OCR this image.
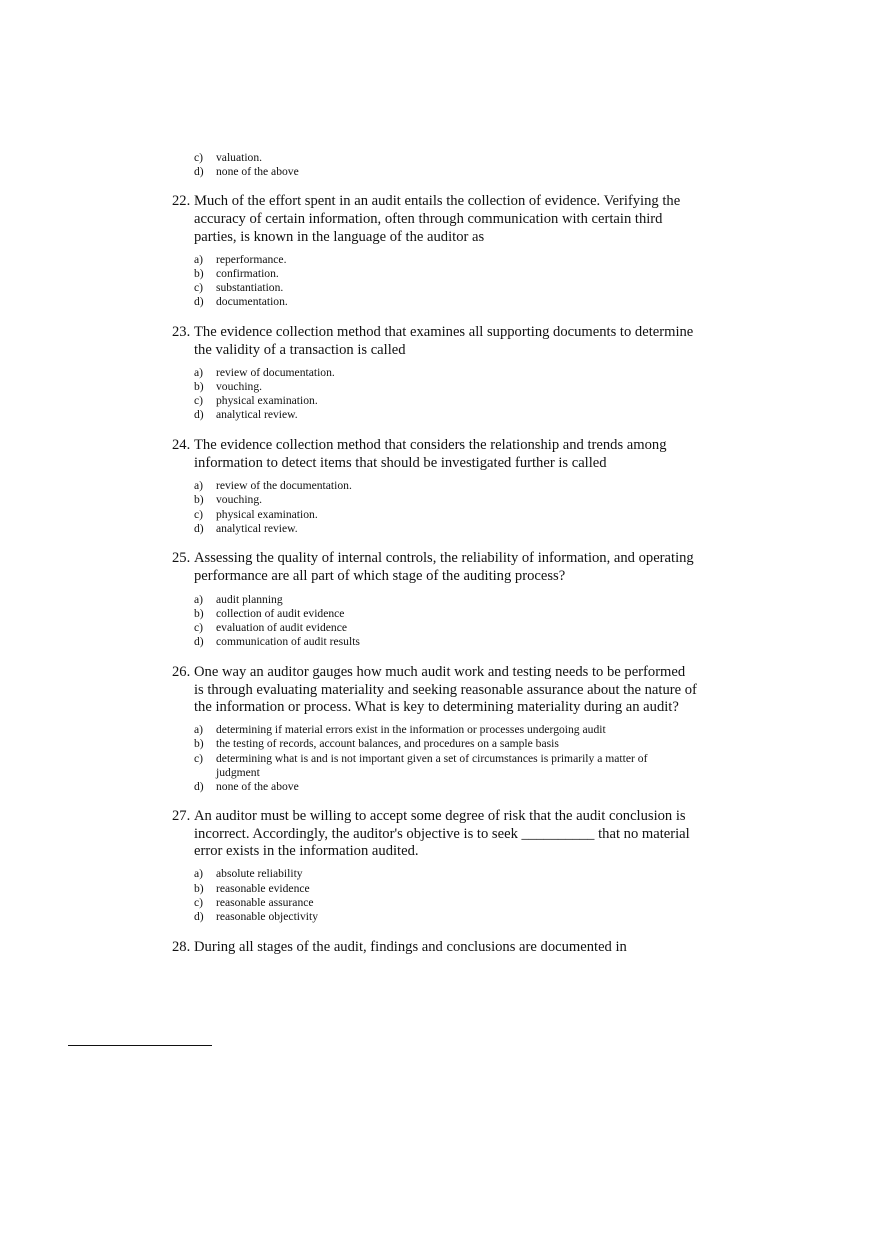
c) valuation.
d) none of the above
22. Much of the effort spent in an audit entails the collection of evidence. Verifying the
accuracy of certain information, often through communication with certain third
parties, is known in the language of the auditor as
a) reperformance.
b) confirmation.
c) substantiation.
d) documentation.
23. The evidence collection method that examines all supporting documents to determine
the validity of a transaction is called
a) review of documentation.
b) vouching.
c) physical examination.
d) analytical review.
24. The evidence collection method that considers the relationship and trends among
information to detect items that should be investigated further is called
a) review of the documentation.
b) vouching.
c) physical examination.
d) analytical review.
25. Assessing the quality of internal controls, the reliability of information, and operating
performance are all part of which stage of the auditing process?
a) audit planning
b) collection of audit evidence
c) evaluation of audit evidence
d) communication of audit results
26. One way an auditor gauges how much audit work and testing needs to be performed
is through evaluating materiality and seeking reasonable assurance about the nature of
the information or process. What is key to determining materiality during an audit?
a) determining if material errors exist in the information or processes undergoing audit
b) the testing of records, account balances, and procedures on a sample basis
c) determining what is and is not important given a set of circumstances is primarily a matter of
judgment
d) none of the above
27. An auditor must be willing to accept some degree of risk that the audit conclusion is
incorrect. Accordingly, the auditor's objective is to seek __________ that no material
error exists in the information audited.
a) absolute reliability
b) reasonable evidence
c) reasonable assurance
d) reasonable objectivity
28. During all stages of the audit, findings and conclusions are documented in
